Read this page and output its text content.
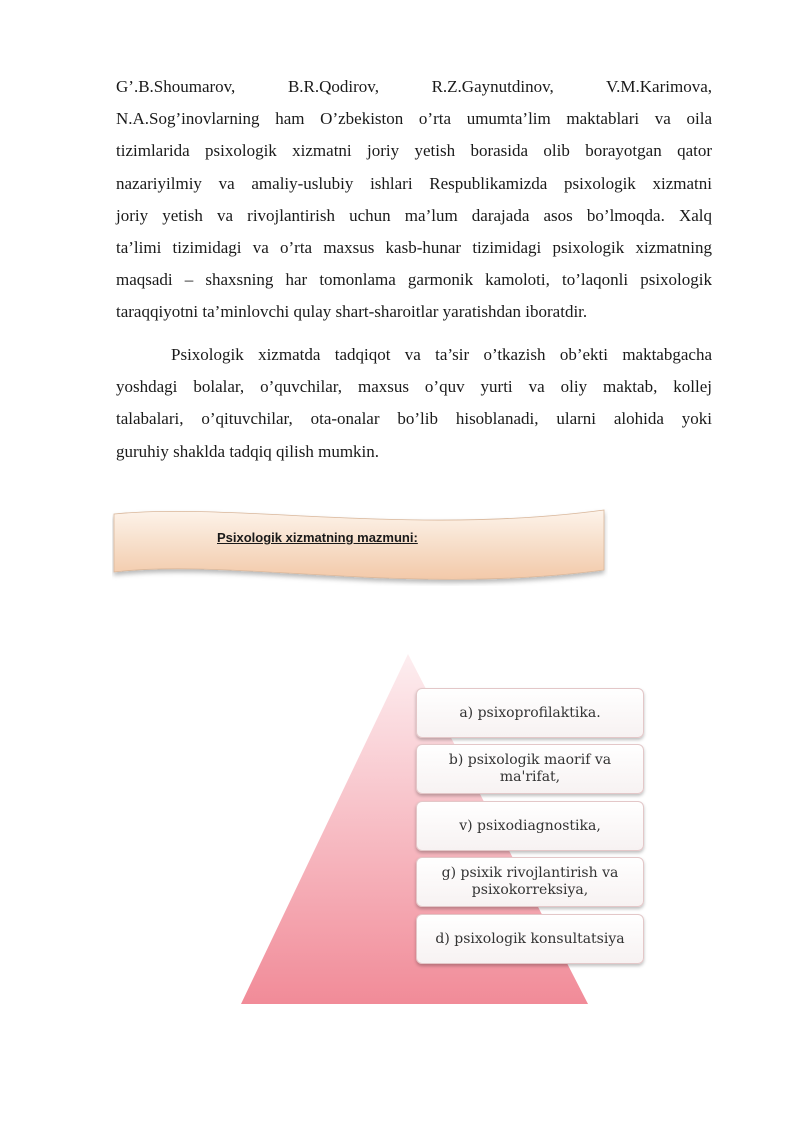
G’.B.Shoumarov, B.R.Qodirov, R.Z.Gaynutdinov, V.M.Karimova,
N.A.Sog’inovlarning ham O’zbekiston o’rta umumta’lim maktablari va oila
tizimlarida psixologik xizmatni joriy yetish borasida olib borayotgan qator
nazariyilmiy va amaliy-uslubiy ishlari Respublikamizda psixologik xizmatni
joriy yetish va rivojlantirish uchun ma’lum darajada asos bo’lmoqda. Xalq
ta’limi tizimidagi va o’rta maxsus kasb-hunar tizimidagi psixologik xizmatning
maqsadi – shaxsning har tomonlama garmonik kamoloti, to’laqonli psixologik
taraqqiyotni ta’minlovchi qulay shart-sharoitlar yaratishdan iboratdir.
Psixologik xizmatda tadqiqot va ta’sir o’tkazish ob’ekti maktabgacha
yoshdagi bolalar, o’quvchilar, maxsus o’quv yurti va oliy maktab, kollej
talabalari, o’qituvchilar, ota-onalar bo’lib hisoblanadi, ularni alohida yoki
guruhiy shaklda tadqiq qilish mumkin.
Psixologik xizmatning mazmuni:
a) psixoprofilaktika.
b) psixologik maorif va ma'rifat,
v) psixodiagnostika,
g) psixik rivojlantirish va psixokorreksiya,
d) psixologik konsultatsiya
